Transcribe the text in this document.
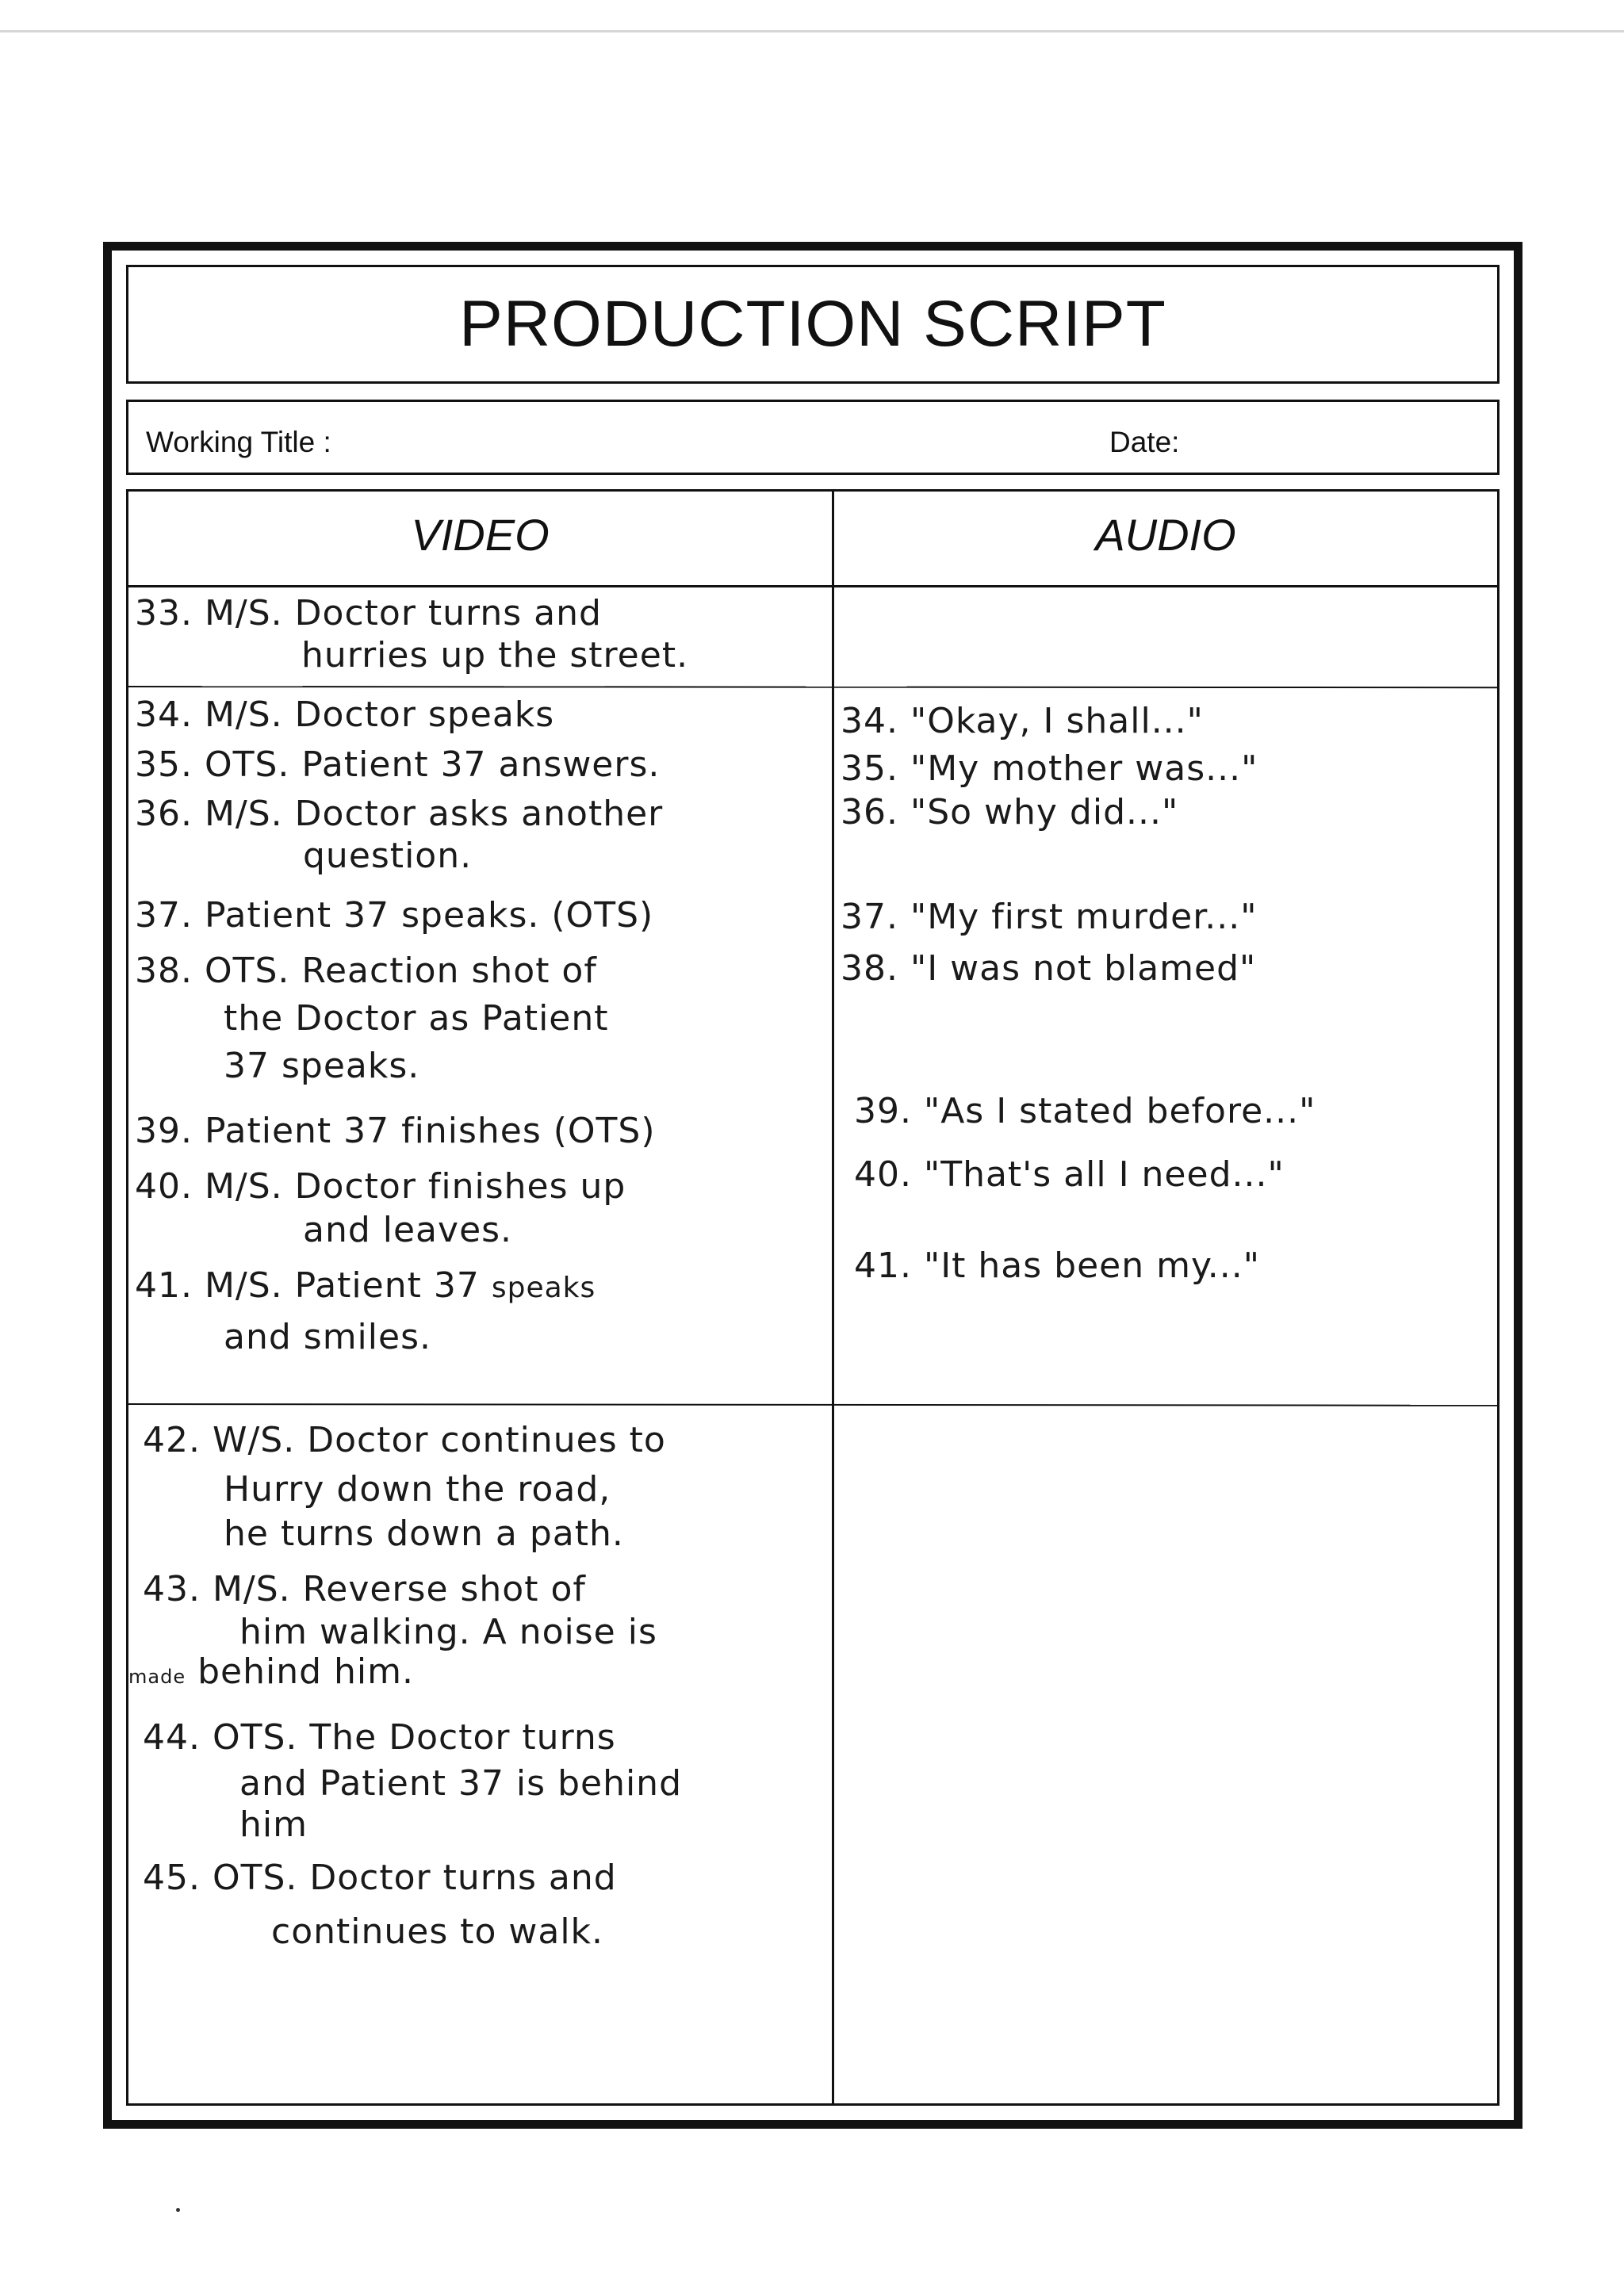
PRODUCTION SCRIPT
Working Title :	Date:
VIDEO	AUDIO
33. M/S. Doctor turns and
hurries up the street.
34. M/S. Doctor speaks
35. OTS. Patient 37 answers.
36. M/S. Doctor asks another
question.
37. Patient 37 speaks. (OTS)
38. OTS. Reaction shot of
the Doctor as Patient
37 speaks.
39. Patient 37 finishes (OTS)
40. M/S. Doctor finishes up
and leaves.
41. M/S. Patient 37 speaks
and smiles.
42. W/S. Doctor continues to
Hurry down the road,
he turns down a path.
43. M/S. Reverse shot of
him walking. A noise is
made behind him.
44. OTS. The Doctor turns
and Patient 37 is behind
him
45. OTS. Doctor turns and
continues to walk.
34. "Okay, I shall..."
35. "My mother was..."
36. "So why did..."
37. "My first murder..."
38. "I was not blamed"
39. "As I stated before..."
40. "That's all I need..."
41. "It has been my..."
